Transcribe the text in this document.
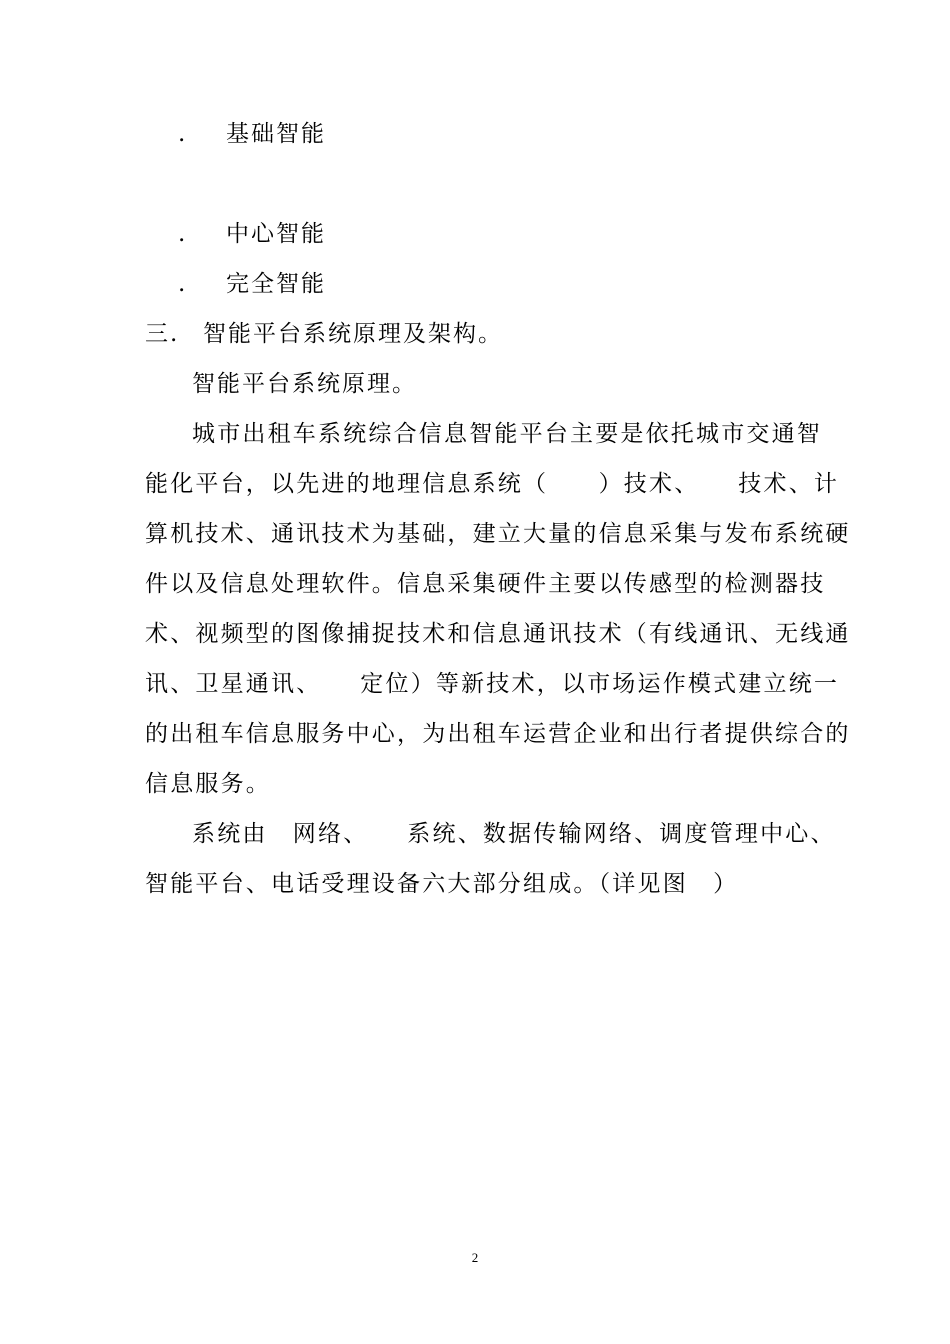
. 基础智能
. 中心智能
. 完全智能
三. 智能平台系统原理及架构。
智能平台系统原理。
城市出租车系统综合信息智能平台主要是依托城市交通智
能化平台，以先进的地理信息系统（　　）技术、　　技术、计
算机技术、通讯技术为基础，建立大量的信息采集与发布系统硬
件以及信息处理软件。信息采集硬件主要以传感型的检测器技
术、视频型的图像捕捉技术和信息通讯技术（有线通讯、无线通
讯、卫星通讯、　　定位）等新技术，以市场运作模式建立统一
的出租车信息服务中心，为出租车运营企业和出行者提供综合的
信息服务。
系统由　网络、　　系统、数据传输网络、调度管理中心、
智能平台、电话受理设备六大部分组成。（详见图　）
2
